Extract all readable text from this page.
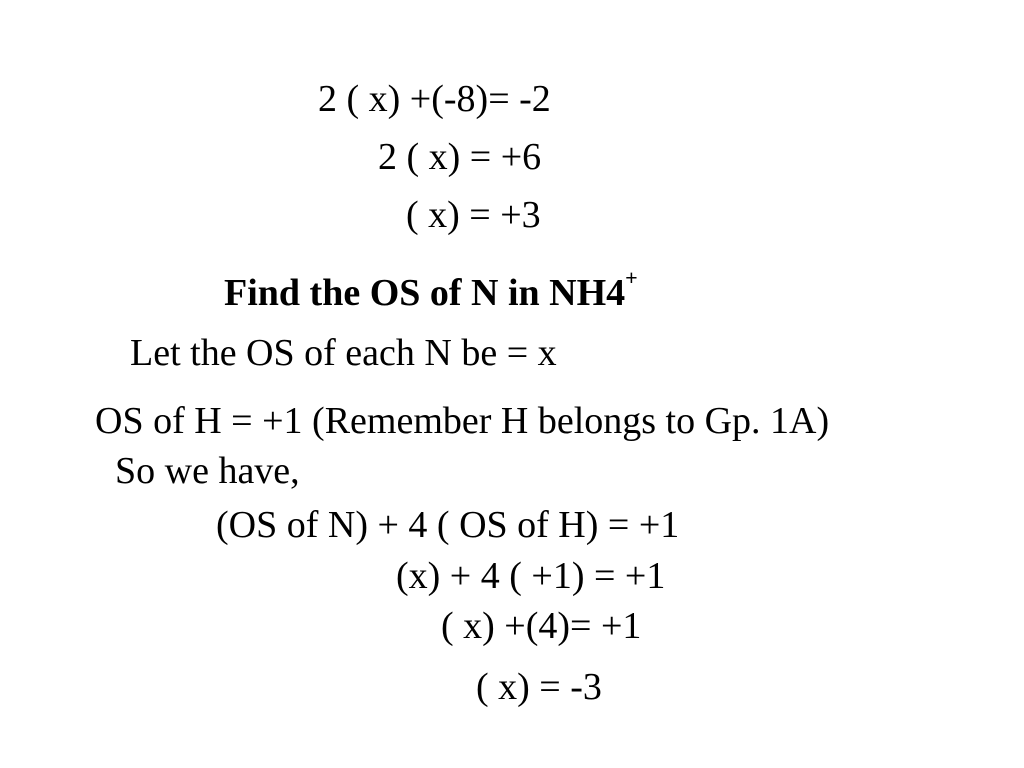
2 ( x) +(-8)= -2
2 ( x) = +6
( x) = +3
Find the OS of N in NH4+
Let the OS of each N be = x
OS of H = +1 (Remember H belongs to Gp. 1A)
So we have,
(OS of N) + 4 ( OS of H) = +1
(x) + 4 ( +1) = +1
( x) +(4)= +1
( x) = -3
